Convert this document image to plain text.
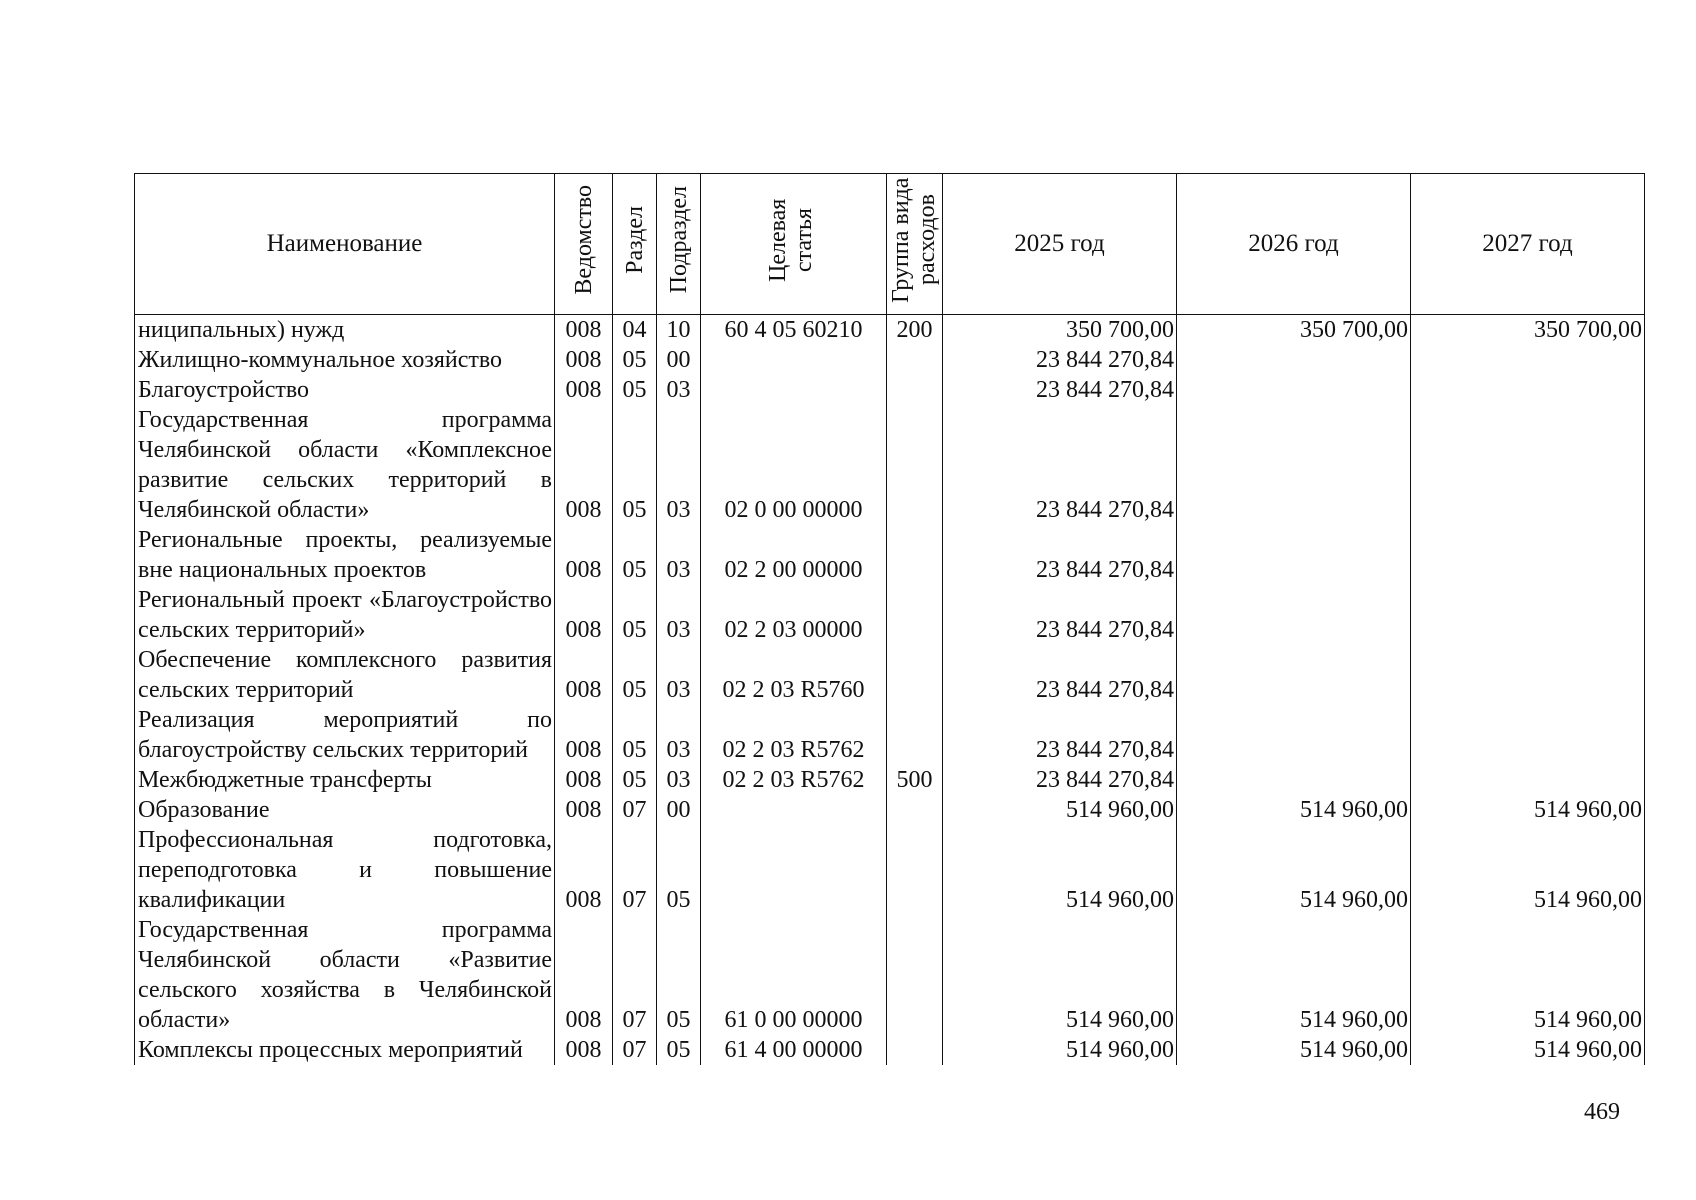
Наименование	Ведомство	Раздел	Подраздел	Целевая статья	Группа вида расходов	2025 год	2026 год	2027 год
ниципальных) нужд	008	04	10	60 4 05 60210	200	350 700,00	350 700,00	350 700,00
Жилищно-коммунальное хозяйство	008	05	00			23 844 270,84		
Благоустройство	008	05	03			23 844 270,84		
Государственная программа Челябинской области «Комплексное развитие сельских территорий в Челябинской области»	008	05	03	02 0 00 00000		23 844 270,84		
Региональные проекты, реализуемые вне национальных проектов	008	05	03	02 2 00 00000		23 844 270,84		
Региональный проект «Благоустройство сельских территорий»	008	05	03	02 2 03 00000		23 844 270,84		
Обеспечение комплексного развития сельских территорий	008	05	03	02 2 03 R5760		23 844 270,84		
Реализация мероприятий по благоустройству сельских территорий	008	05	03	02 2 03 R5762		23 844 270,84		
Межбюджетные трансферты	008	05	03	02 2 03 R5762	500	23 844 270,84		
Образование	008	07	00			514 960,00	514 960,00	514 960,00
Профессиональная подготовка, переподготовка и повышение квалификации	008	07	05			514 960,00	514 960,00	514 960,00
Государственная программа Челябинской области «Развитие сельского хозяйства в Челябинской области»	008	07	05	61 0 00 00000		514 960,00	514 960,00	514 960,00
Комплексы процессных мероприятий	008	07	05	61 4 00 00000		514 960,00	514 960,00	514 960,00
469
